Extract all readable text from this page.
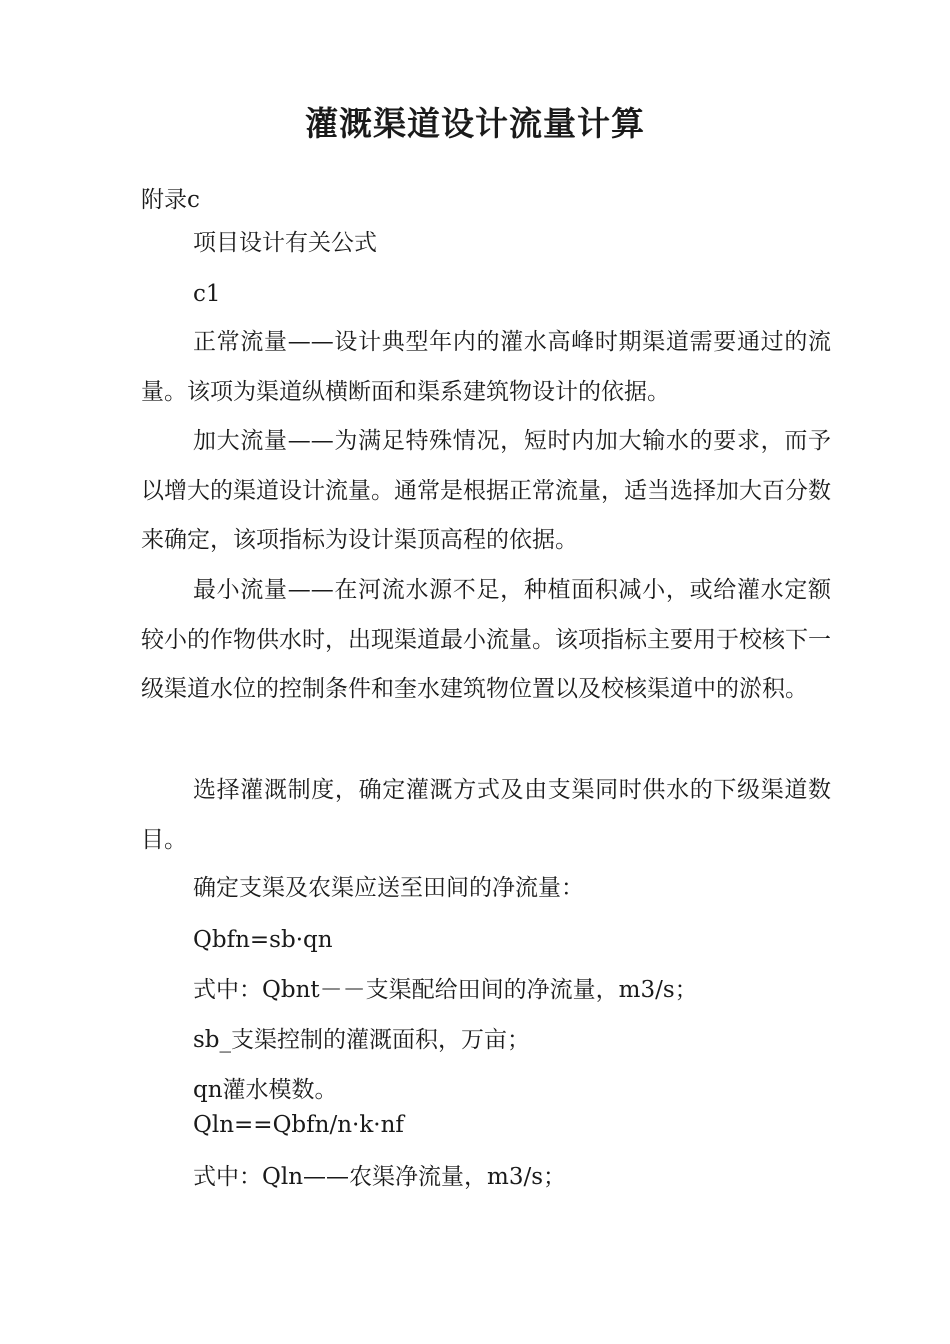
灌溉渠道设计流量计算
附录c
项目设计有关公式
c1
正常流量——设计典型年内的灌水高峰时期渠道需要通过的流量。该项为渠道纵横断面和渠系建筑物设计的依据。
加大流量——为满足特殊情况，短时内加大输水的要求，而予以增大的渠道设计流量。通常是根据正常流量，适当选择加大百分数来确定，该项指标为设计渠顶高程的依据。
最小流量——在河流水源不足，种植面积减小，或给灌水定额较小的作物供水时，出现渠道最小流量。该项指标主要用于校核下一级渠道水位的控制条件和奎水建筑物位置以及校核渠道中的淤积。
选择灌溉制度，确定灌溉方式及由支渠同时供水的下级渠道数目。
确定支渠及农渠应送至田间的净流量：
Qbfn=sb·qn
式中：Qbnt－－支渠配给田间的净流量，m3/s；
sb_支渠控制的灌溉面积，万亩；
qn灌水模数。
Qln==Qbfn/n·k·nf
式中：Qln——农渠净流量，m3/s；
